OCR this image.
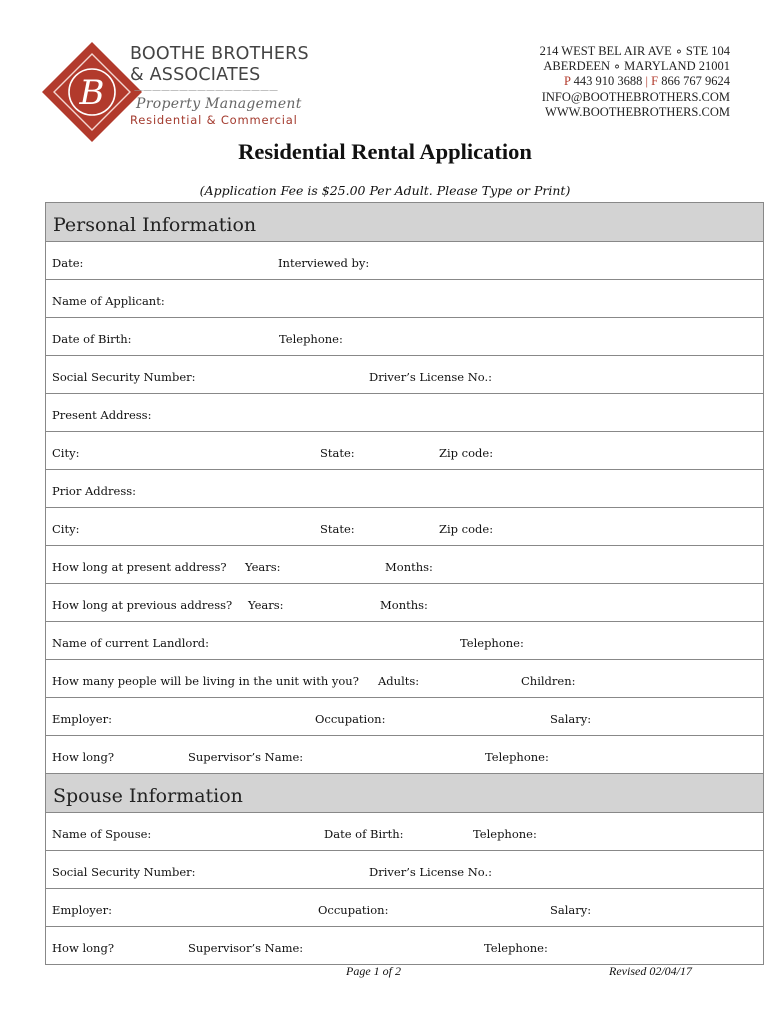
B
BOOTHE BROTHERS
& ASSOCIATES
————————————————
Property Management
Residential & Commercial
214 WEST BEL AIR AVE ∘ STE 104
ABERDEEN ∘ MARYLAND 21001
P 443 910 3688 | F 866 767 9624
INFO@BOOTHEBROTHERS.COM
WWW.BOOTHEBROTHERS.COM
Residential Rental Application
(Application Fee is $25.00 Per Adult. Please Type or Print)
Personal Information
Date:	Interviewed by:
Name of Applicant:
Date of Birth:	Telephone:
Social Security Number:	Driver’s License No.:
Present Address:
City:	State:	Zip code:
Prior Address:
City:	State:	Zip code:
How long at present address? Years:	Months:
How long at previous address? Years:	Months:
Name of current Landlord:	Telephone:
How many people will be living in the unit with you? Adults:	Children:
Employer:	Occupation:	Salary:
How long?	Supervisor’s Name:	Telephone:
Spouse Information
Name of Spouse:	Date of Birth:	Telephone:
Social Security Number:	Driver’s License No.:
Employer:	Occupation:	Salary:
How long?	Supervisor’s Name:	Telephone:
Page 1 of 2	Revised 02/04/17
